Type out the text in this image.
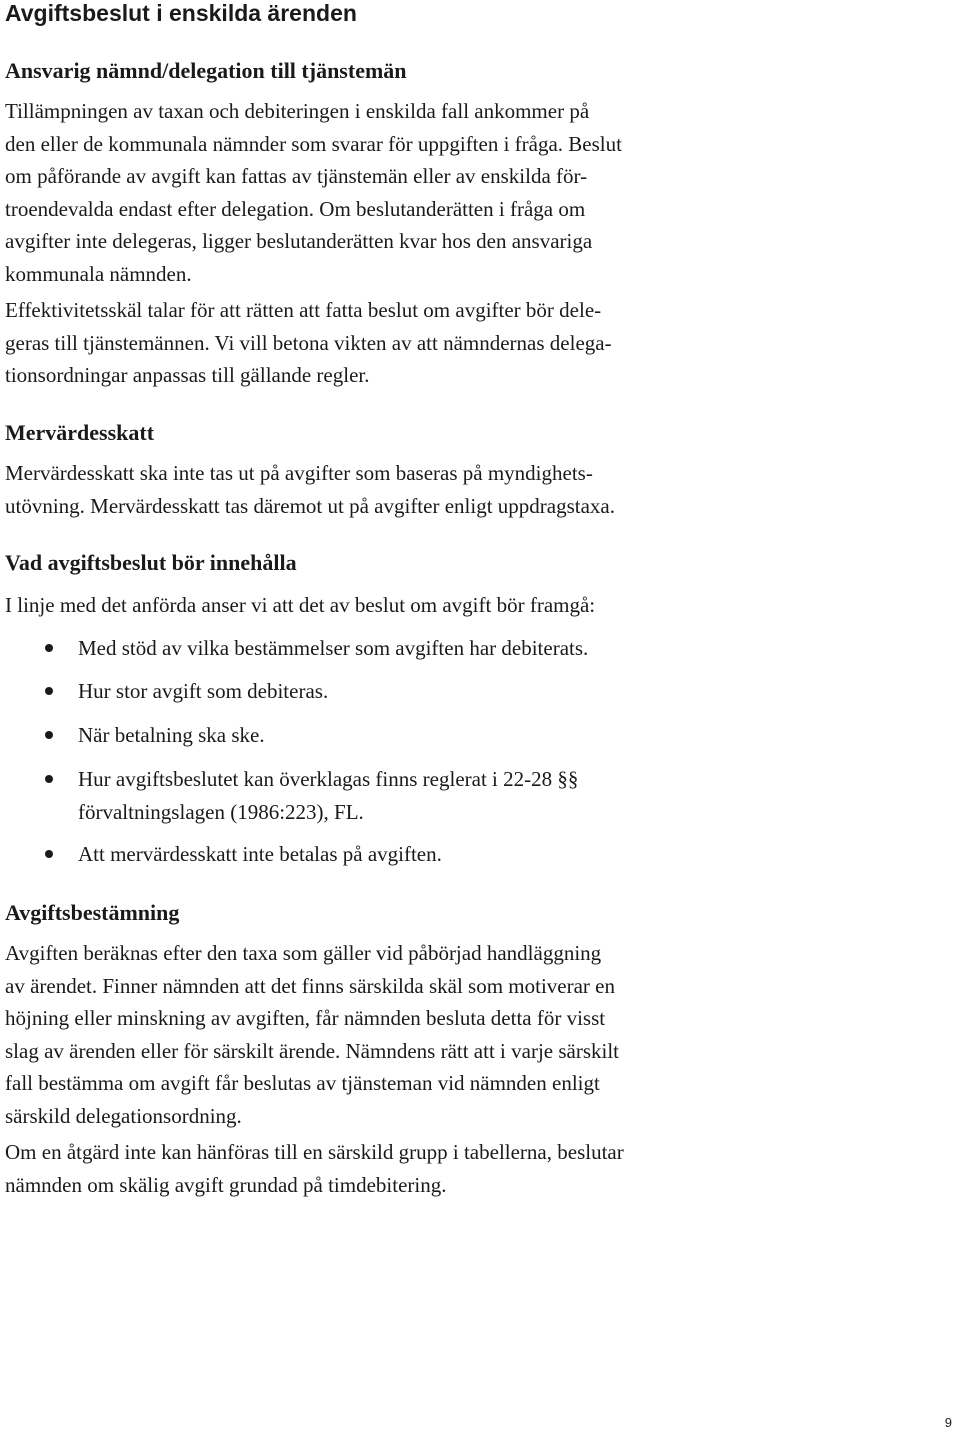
Avgiftsbeslut i enskilda ärenden
Ansvarig nämnd/delegation till tjänstemän

Tillämpningen av taxan och debiteringen i enskilda fall ankommer på
den eller de kommunala nämnder som svarar för uppgiften i fråga. Beslut
om påförande av avgift kan fattas av tjänstemän eller av enskilda för-
troendevalda endast efter delegation. Om beslutanderätten i fråga om
avgifter inte delegeras, ligger beslutanderätten kvar hos den ansvariga
kommunala nämnden.

Effektivitetsskäl talar för att rätten att fatta beslut om avgifter bör dele-
geras till tjänstemännen. Vi vill betona vikten av att nämndernas delega-
tionsordningar anpassas till gällande regler.

Mervärdesskatt

Mervärdesskatt ska inte tas ut på avgifter som baseras på myndighets-
utövning. Mervärdesskatt tas däremot ut på avgifter enligt uppdragstaxa.

Vad avgiftsbeslut bör innehålla

I linje med det anförda anser vi att det av beslut om avgift bör framgå:

Med stöd av vilka bestämmelser som avgiften har debiterats.
Hur stor avgift som debiteras.
När betalning ska ske.
Hur avgiftsbeslutet kan överklagas finns reglerat i 22-28 §§
förvaltningslagen (1986:223), FL.
Att mervärdesskatt inte betalas på avgiften.
Avgiftsbestämning

Avgiften beräknas efter den taxa som gäller vid påbörjad handläggning
av ärendet. Finner nämnden att det finns särskilda skäl som motiverar en
höjning eller minskning av avgiften, får nämnden besluta detta för visst
slag av ärenden eller för särskilt ärende. Nämndens rätt att i varje särskilt
fall bestämma om avgift får beslutas av tjänsteman vid nämnden enligt
särskild delegationsordning.

Om en åtgärd inte kan hänföras till en särskild grupp i tabellerna, beslutar
nämnden om skälig avgift grundad på timdebitering.

9
